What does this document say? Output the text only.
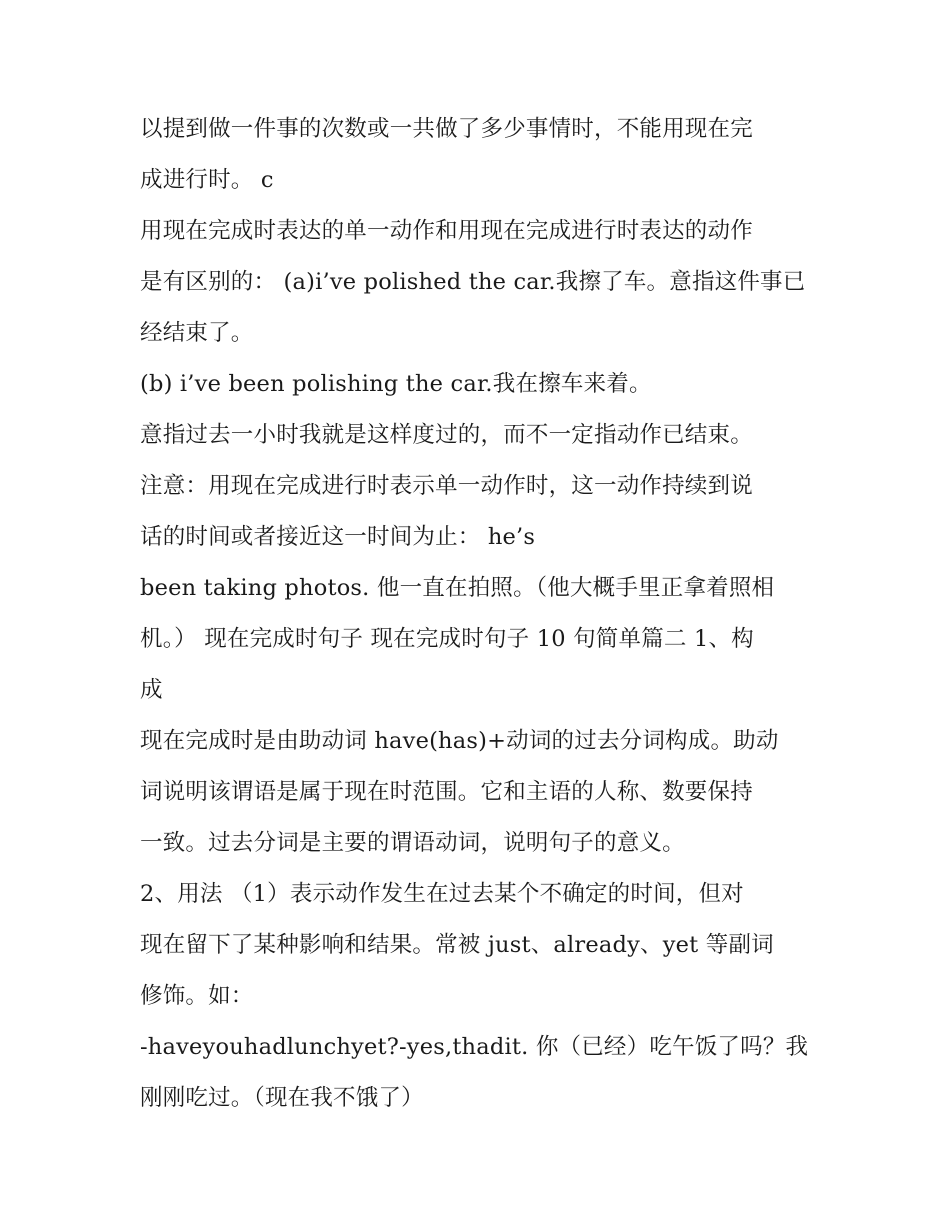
以提到做一件事的次数或一共做了多少事情时，不能用现在完
成进行时。 c
用现在完成时表达的单一动作和用现在完成进行时表达的动作
是有区别的： (a)i’ve polished the car.我擦了车。意指这件事已
经结束了。
(b) i’ve been polishing the car.我在擦车来着。
意指过去一小时我就是这样度过的，而不一定指动作已结束。
注意：用现在完成进行时表示单一动作时，这一动作持续到说
话的时间或者接近这一时间为止： he’s
been taking photos. 他一直在拍照。（他大概手里正拿着照相
机。） 现在完成时句子 现在完成时句子 10 句简单篇二 1、构
成
现在完成时是由助动词 have(has)+动词的过去分词构成。助动
词说明该谓语是属于现在时范围。它和主语的人称、数要保持
一致。过去分词是主要的谓语动词，说明句子的意义。
2、用法 （1）表示动作发生在过去某个不确定的时间，但对
现在留下了某种影响和结果。常被 just、already、yet 等副词
修饰。如：
-haveyouhadlunchyet?-yes,thadit. 你（已经）吃午饭了吗？我
刚刚吃过。（现在我不饿了）
